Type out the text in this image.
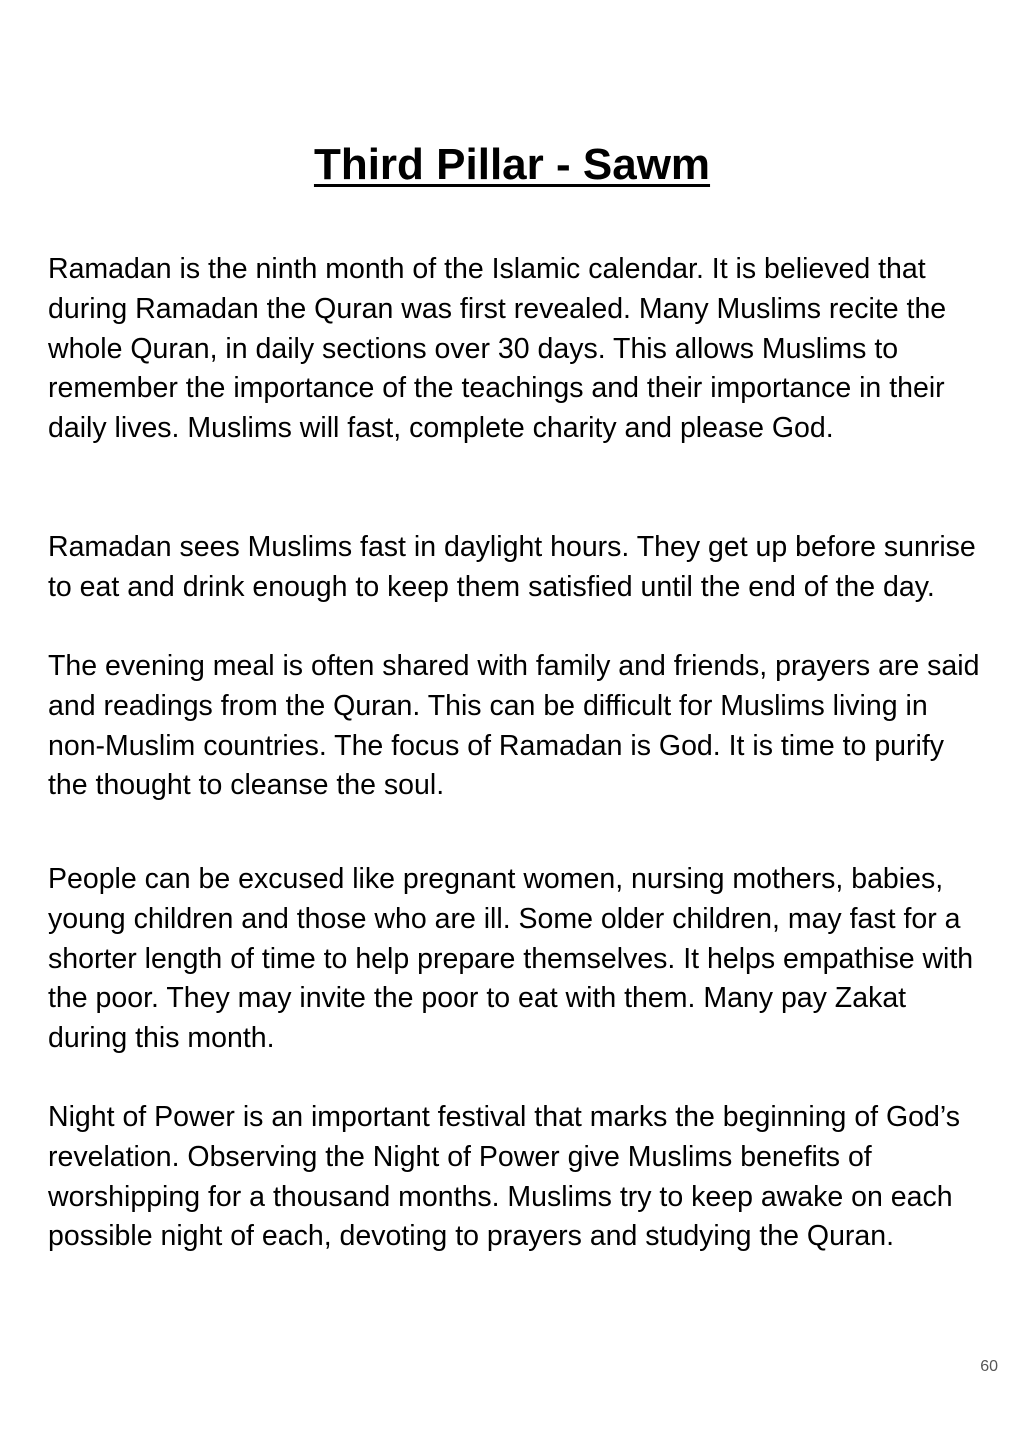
Third Pillar - Sawm

Ramadan is the ninth month of the Islamic calendar. It is believed that during Ramadan the Quran was first revealed. Many Muslims recite the whole Quran, in daily sections over 30 days. This allows Muslims to remember the importance of the teachings and their importance in their daily lives. Muslims will fast, complete charity and please God.

Ramadan sees Muslims fast in daylight hours. They get up before sunrise to eat and drink enough to keep them satisfied until the end of the day.

The evening meal is often shared with family and friends, prayers are said and readings from the Quran. This can be difficult for Muslims living in non-Muslim countries. The focus of Ramadan is God. It is time to purify the thought to cleanse the soul.

People can be excused like pregnant women, nursing mothers, babies, young children and those who are ill. Some older children, may fast for a shorter length of time to help prepare themselves. It helps empathise with the poor. They may invite the poor to eat with them. Many pay Zakat during this month.

Night of Power is an important festival that marks the beginning of God’s revelation. Observing the Night of Power give Muslims benefits of worshipping for a thousand months. Muslims try to keep awake on each possible night of each, devoting to prayers and studying the Quran.

60
